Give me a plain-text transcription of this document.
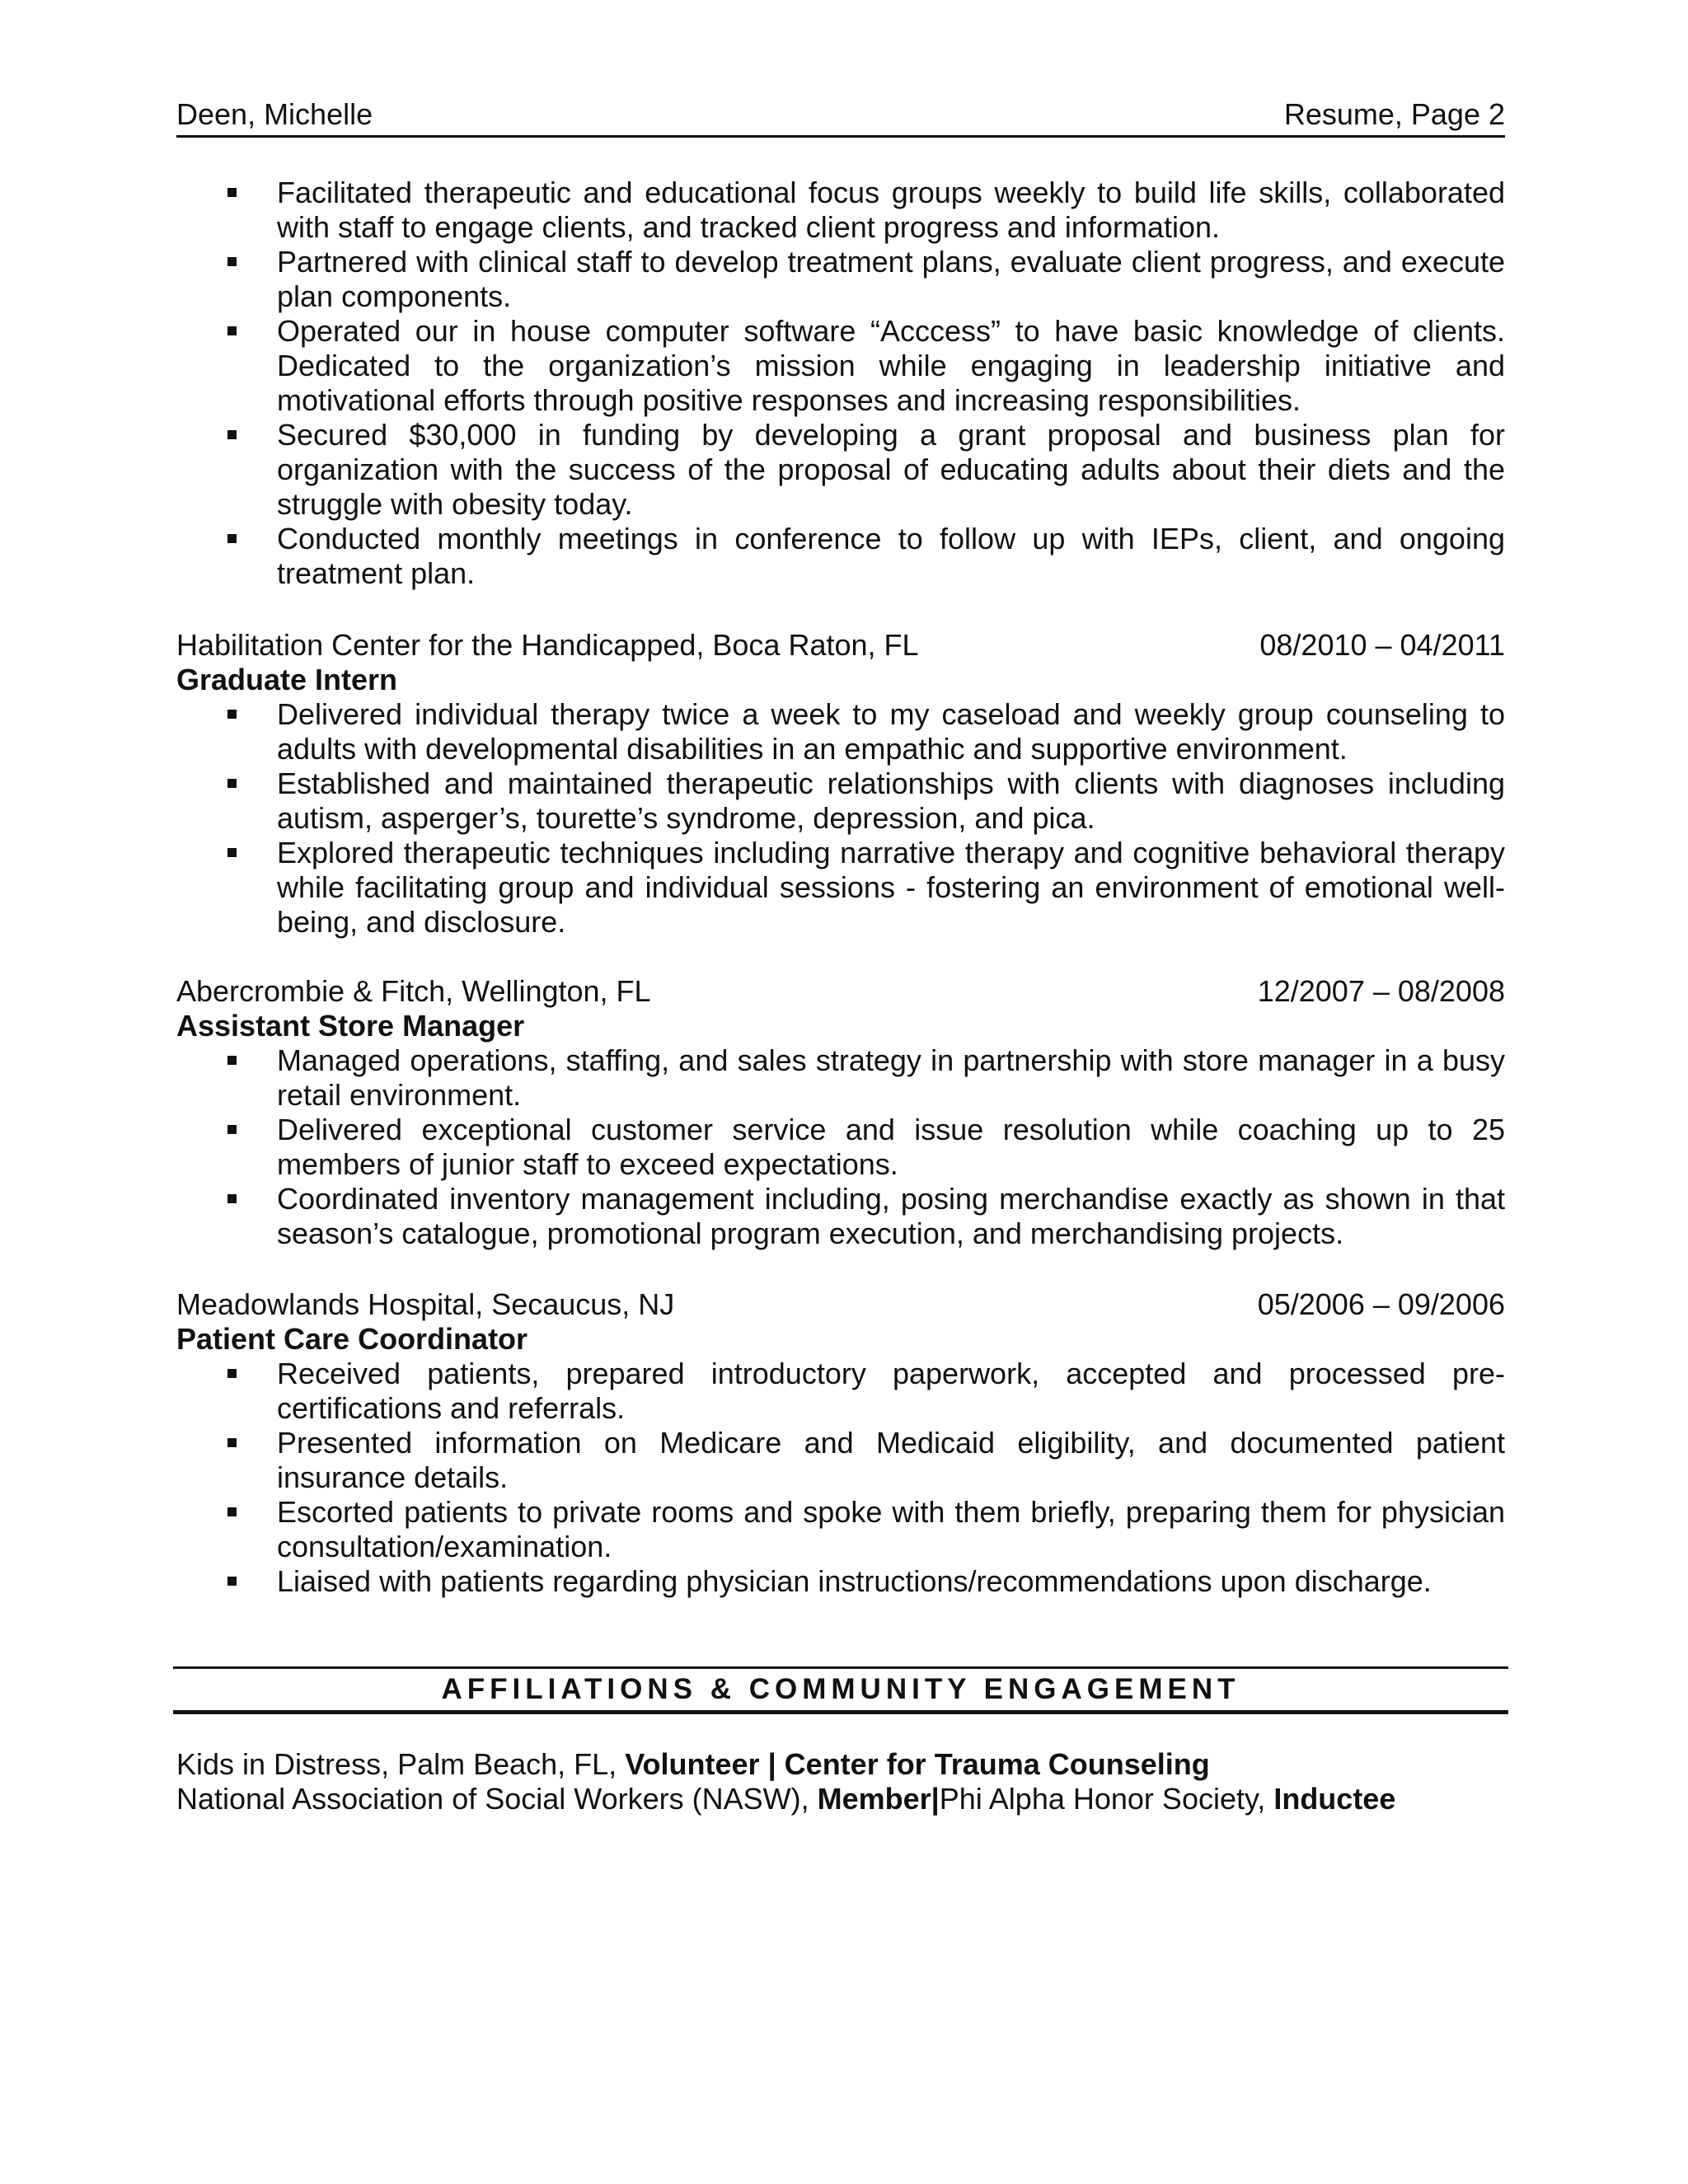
Deen, Michelle	Resume, Page 2
Facilitated therapeutic and educational focus groups weekly to build life skills, collaborated with staff to engage clients, and tracked client progress and information.
Partnered with clinical staff to develop treatment plans, evaluate client progress, and execute plan components.
Operated our in house computer software “Acccess” to have basic knowledge of clients. Dedicated to the organization’s mission while engaging in leadership initiative and motivational efforts through positive responses and increasing responsibilities.
Secured $30,000 in funding by developing a grant proposal and business plan for organization with the success of the proposal of educating adults about their diets and the struggle with obesity today.
Conducted monthly meetings in conference to follow up with IEPs, client, and ongoing treatment plan.
Habilitation Center for the Handicapped, Boca Raton, FL	08/2010 – 04/2011
Graduate Intern
Delivered individual therapy twice a week to my caseload and weekly group counseling to adults with developmental disabilities in an empathic and supportive environment.
Established and maintained therapeutic relationships with clients with diagnoses including autism, asperger’s, tourette’s syndrome, depression, and pica.
Explored therapeutic techniques including narrative therapy and cognitive behavioral therapy while facilitating group and individual sessions - fostering an environment of emotional well-being, and disclosure.
Abercrombie & Fitch, Wellington, FL	12/2007 – 08/2008
Assistant Store Manager
Managed operations, staffing, and sales strategy in partnership with store manager in a busy retail environment.
Delivered exceptional customer service and issue resolution while coaching up to 25 members of junior staff to exceed expectations.
Coordinated inventory management including, posing merchandise exactly as shown in that season’s catalogue, promotional program execution, and merchandising projects.
Meadowlands Hospital, Secaucus, NJ	05/2006 – 09/2006
Patient Care Coordinator
Received patients, prepared introductory paperwork, accepted and processed pre-certifications and referrals.
Presented information on Medicare and Medicaid eligibility, and documented patient insurance details.
Escorted patients to private rooms and spoke with them briefly, preparing them for physician consultation/examination.
Liaised with patients regarding physician instructions/recommendations upon discharge.
AFFILIATIONS & COMMUNITY ENGAGEMENT
Kids in Distress, Palm Beach, FL, Volunteer | Center for Trauma Counseling
National Association of Social Workers (NASW), Member|Phi Alpha Honor Society, Inductee
